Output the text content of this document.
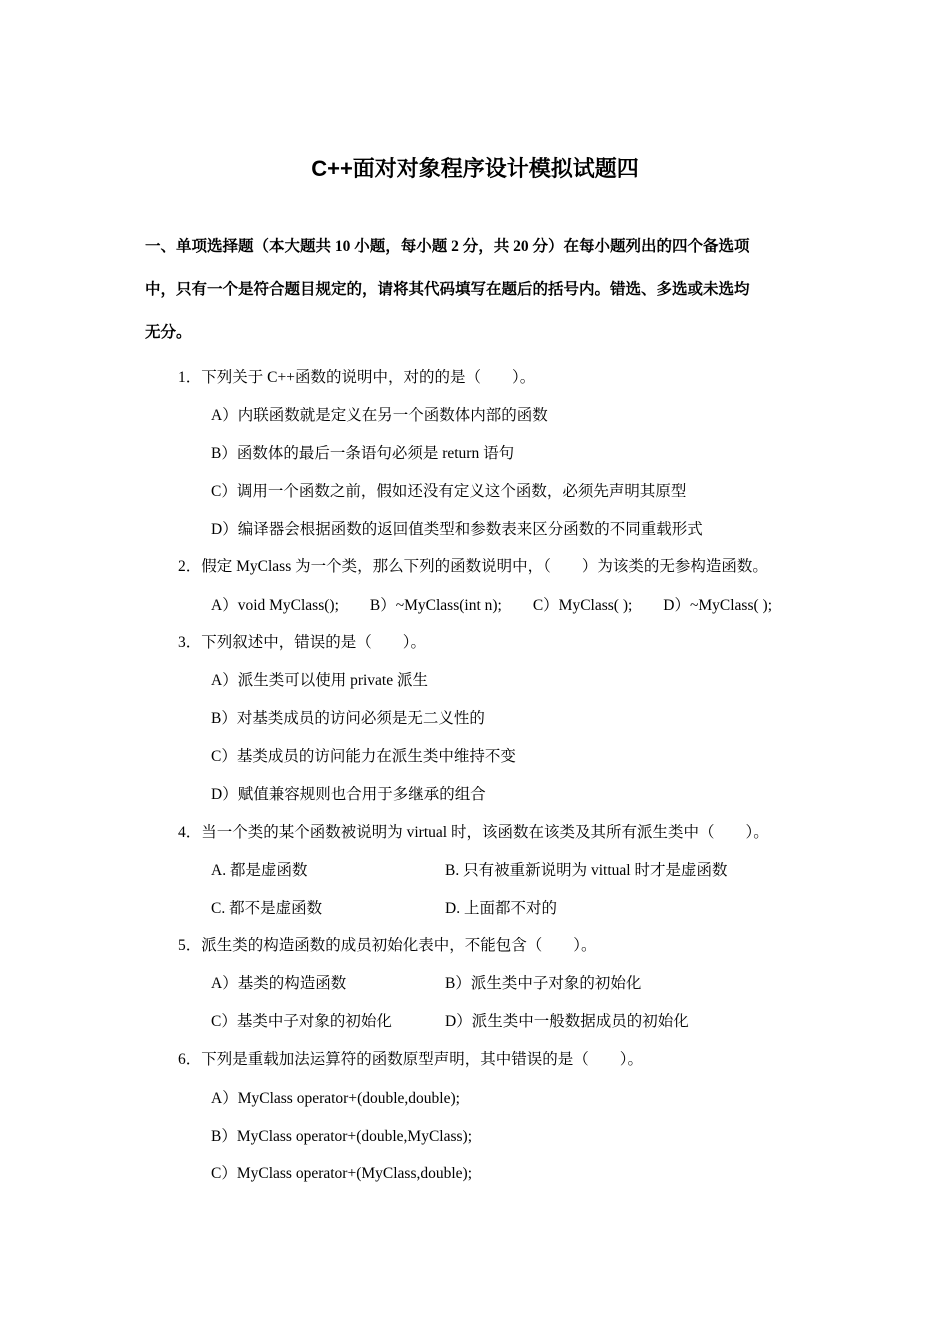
C++面对对象程序设计模拟试题四
一、单项选择题（本大题共 10 小题，每小题 2 分，共 20 分）在每小题列出的四个备选项
中，只有一个是符合题目规定的，请将其代码填写在题后的括号内。错选、多选或未选均
无分。
1．下列关于 C++函数的说明中，对的的是（　　）。
A）内联函数就是定义在另一个函数体内部的函数
B）函数体的最后一条语句必须是 return 语句
C）调用一个函数之前，假如还没有定义这个函数，必须先声明其原型
D）编译器会根据函数的返回值类型和参数表来区分函数的不同重载形式
2．假定 MyClass 为一个类，那么下列的函数说明中，（　　）为该类的无参构造函数。
A）void MyClass();　　B）~MyClass(int n);　　C）MyClass( );　　D）~MyClass( );
3．下列叙述中，错误的是（　　）。
A）派生类可以使用 private 派生
B）对基类成员的访问必须是无二义性的
C）基类成员的访问能力在派生类中维持不变
D）赋值兼容规则也合用于多继承的组合
4．当一个类的某个函数被说明为 virtual 时，该函数在该类及其所有派生类中（　　）。
A. 都是虚函数	B. 只有被重新说明为 vittual 时才是虚函数
C. 都不是虚函数	D. 上面都不对的
5．派生类的构造函数的成员初始化表中，不能包含（　　）。
A）基类的构造函数	B）派生类中子对象的初始化
C）基类中子对象的初始化	D）派生类中一般数据成员的初始化
6．下列是重载加法运算符的函数原型声明，其中错误的是（　　）。
A）MyClass operator+(double,double);
B）MyClass operator+(double,MyClass);
C）MyClass operator+(MyClass,double);
